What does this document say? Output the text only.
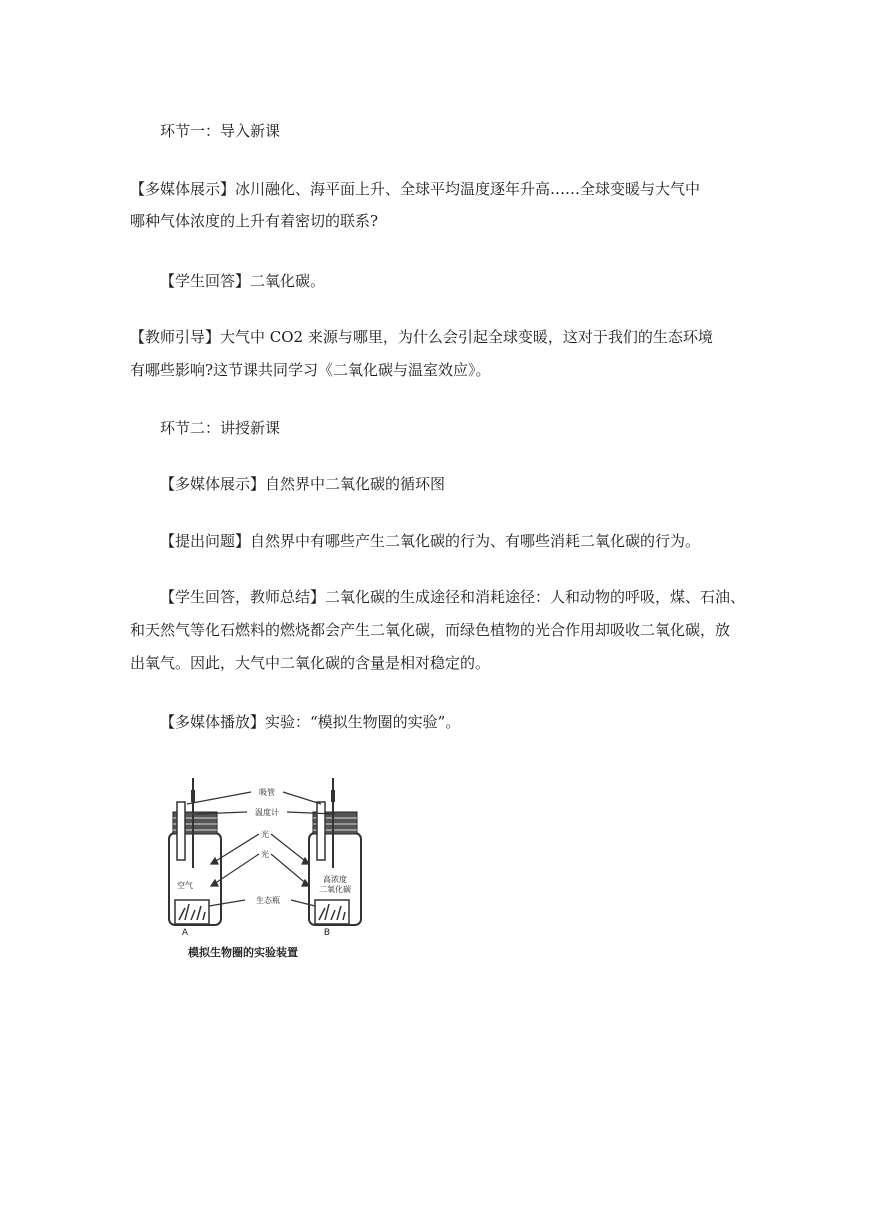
环节一：导入新课
【多媒体展示】冰川融化、海平面上升、全球平均温度逐年升高……全球变暖与大气中
哪种气体浓度的上升有着密切的联系?
【学生回答】二氧化碳。
【教师引导】大气中 CO2 来源与哪里，为什么会引起全球变暖，这对于我们的生态环境
有哪些影响?这节课共同学习《二氧化碳与温室效应》。
环节二：讲授新课
【多媒体展示】自然界中二氧化碳的循环图
【提出问题】自然界中有哪些产生二氧化碳的行为、有哪些消耗二氧化碳的行为。
【学生回答，教师总结】二氧化碳的生成途径和消耗途径：人和动物的呼吸，煤、石油、
和天然气等化石燃料的燃烧都会产生二氧化碳，而绿色植物的光合作用却吸收二氧化碳，放
出氧气。因此，大气中二氧化碳的含量是相对稳定的。
【多媒体播放】实验：“模拟生物圈的实验”。
吸管
温度计
光
光
空气
高浓度
二氧化碳
生态瓶
A	B
模拟生物圈的实验装置
